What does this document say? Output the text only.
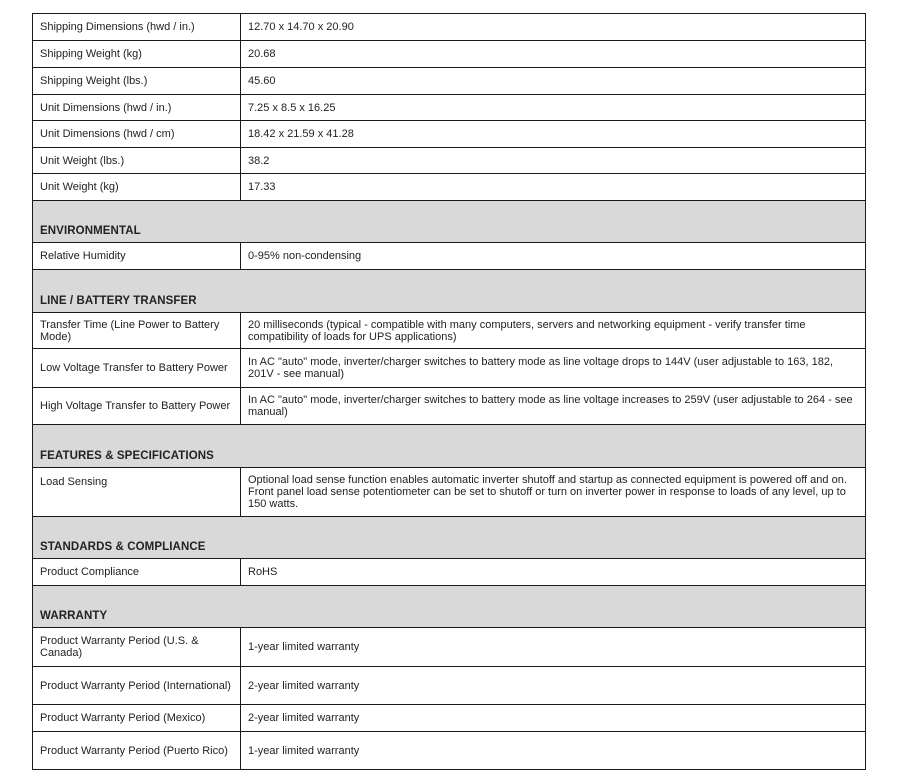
Shipping Dimensions (hwd / in.)	12.70 x 14.70 x 20.90
Shipping Weight (kg)	20.68
Shipping Weight (lbs.)	45.60
Unit Dimensions (hwd / in.)	7.25 x 8.5 x 16.25
Unit Dimensions (hwd / cm)	18.42 x 21.59 x 41.28
Unit Weight (lbs.)	38.2
Unit Weight (kg)	17.33
ENVIRONMENTAL	
Relative Humidity	0-95% non-condensing
LINE / BATTERY TRANSFER	
Transfer Time (Line Power to Battery Mode)	20 milliseconds (typical - compatible with many computers, servers and networking equipment - verify transfer time compatibility of loads for UPS applications)
Low Voltage Transfer to Battery Power	In AC "auto" mode, inverter/charger switches to battery mode as line voltage drops to 144V (user adjustable to 163, 182, 201V - see manual)
High Voltage Transfer to Battery Power	In AC "auto" mode, inverter/charger switches to battery mode as line voltage increases to 259V (user adjustable to 264 - see manual)
FEATURES & SPECIFICATIONS	
Load Sensing	Optional load sense function enables automatic inverter shutoff and startup as connected equipment is powered off and on. Front panel load sense potentiometer can be set to shutoff or turn on inverter power in response to loads of any level, up to 150 watts.
STANDARDS & COMPLIANCE	
Product Compliance	RoHS
WARRANTY	
Product Warranty Period (U.S. & Canada)	1-year limited warranty
Product Warranty Period (International)	2-year limited warranty
Product Warranty Period (Mexico)	2-year limited warranty
Product Warranty Period (Puerto Rico)	1-year limited warranty
